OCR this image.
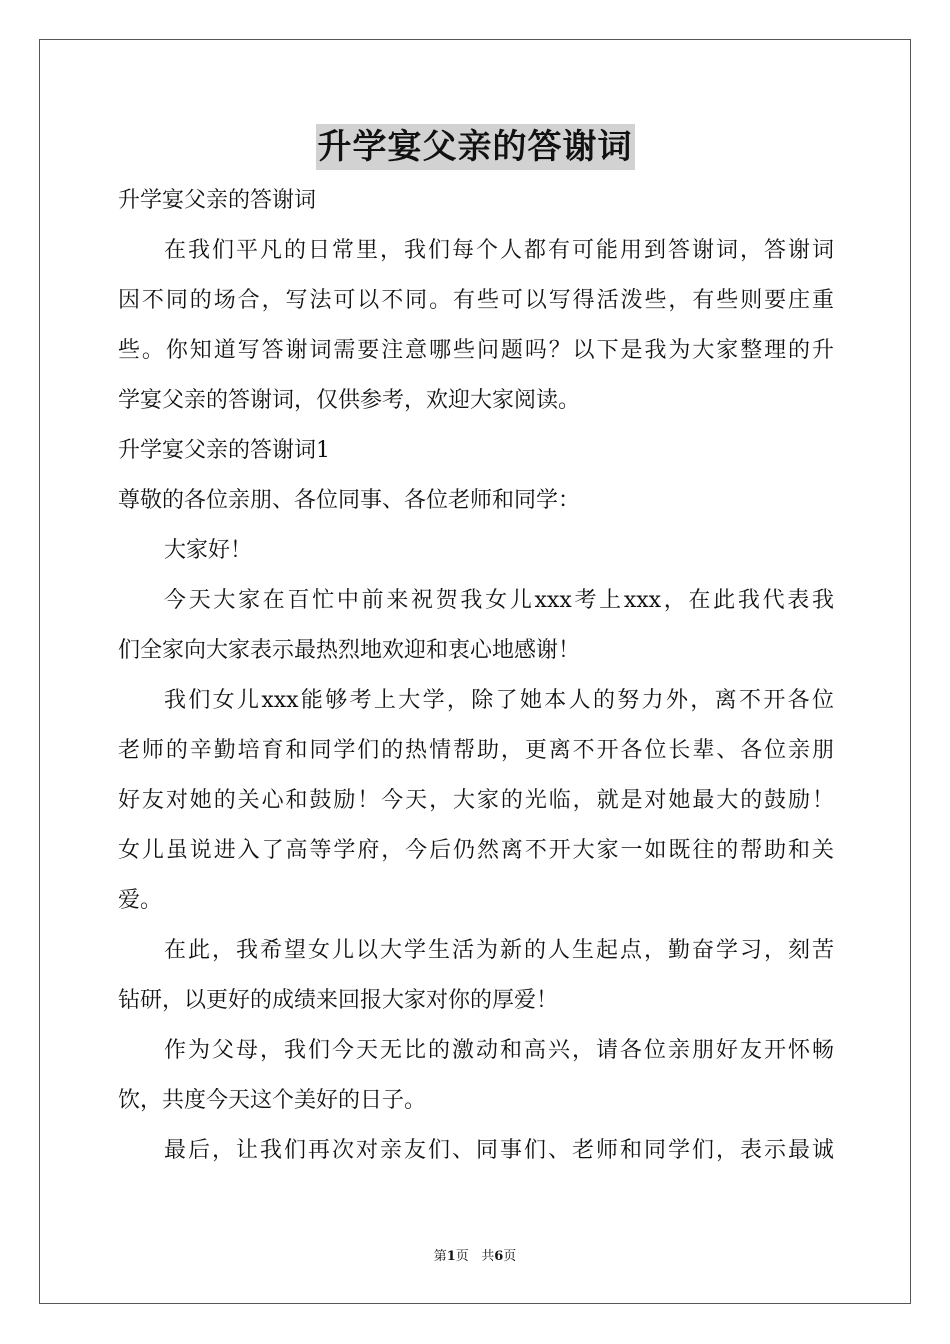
升学宴父亲的答谢词
升学宴父亲的答谢词
在我们平凡的日常里，我们每个人都有可能用到答谢词，答谢词
因不同的场合，写法可以不同。有些可以写得活泼些，有些则要庄重
些。你知道写答谢词需要注意哪些问题吗？以下是我为大家整理的升
学宴父亲的答谢词，仅供参考，欢迎大家阅读。
升学宴父亲的答谢词1
尊敬的各位亲朋、各位同事、各位老师和同学：
大家好！
今天大家在百忙中前来祝贺我女儿xxx考上xxx，在此我代表我
们全家向大家表示最热烈地欢迎和衷心地感谢！
我们女儿xxx能够考上大学，除了她本人的努力外，离不开各位
老师的辛勤培育和同学们的热情帮助，更离不开各位长辈、各位亲朋
好友对她的关心和鼓励！今天，大家的光临，就是对她最大的鼓励！
女儿虽说进入了高等学府，今后仍然离不开大家一如既往的帮助和关
爱。
在此，我希望女儿以大学生活为新的人生起点，勤奋学习，刻苦
钻研，以更好的成绩来回报大家对你的厚爱！
作为父母，我们今天无比的激动和高兴，请各位亲朋好友开怀畅
饮，共度今天这个美好的日子。
最后，让我们再次对亲友们、同事们、老师和同学们，表示最诚
第1页 共6页
